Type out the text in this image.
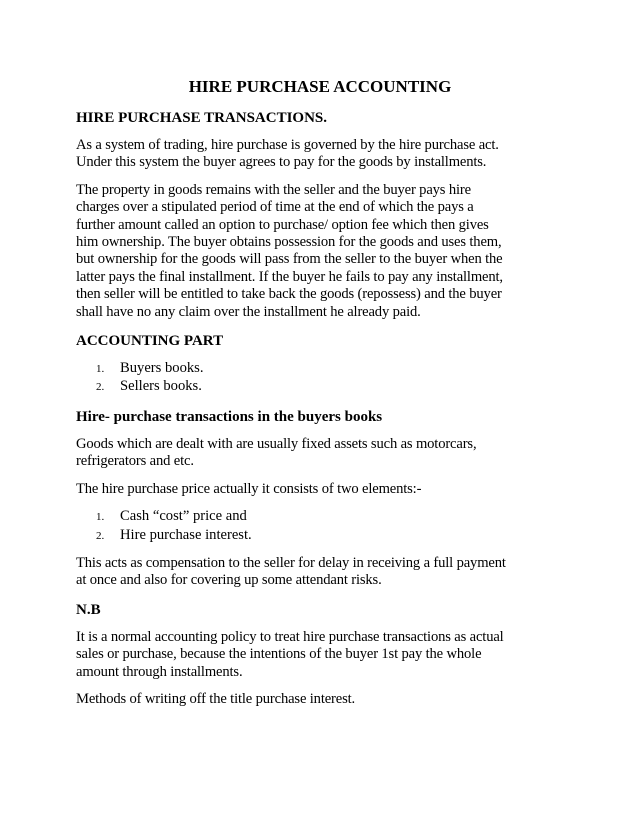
HIRE PURCHASE ACCOUNTING
HIRE PURCHASE TRANSACTIONS.
As a system of trading, hire purchase is governed by the hire purchase act.
Under this system the buyer agrees to pay for the goods by installments.
The property in goods remains with the seller and the buyer pays hire
charges over a stipulated period of time at the end of which the pays a
further amount called an option to purchase/ option fee which then gives
him ownership. The buyer obtains possession for the goods and uses them,
but ownership for the goods will pass from the seller to the buyer when the
latter pays the final installment. If the buyer he fails to pay any installment,
then seller will be entitled to take back the goods (repossess) and the buyer
shall have no any claim over the installment he already paid.
ACCOUNTING PART
1.	Buyers books.
2.	Sellers books.
Hire- purchase transactions in the buyers books
Goods which are dealt with are usually fixed assets such as motorcars,
refrigerators and etc.
The hire purchase price actually it consists of two elements:-
1.	Cash “cost” price and
2.	Hire purchase interest.
This acts as compensation to the seller for delay in receiving a full payment
at once and also for covering up some attendant risks.
N.B
It is a normal accounting policy to treat hire purchase transactions as actual
sales or purchase, because the intentions of the buyer 1st pay the whole
amount through installments.
Methods of writing off the title purchase interest.
